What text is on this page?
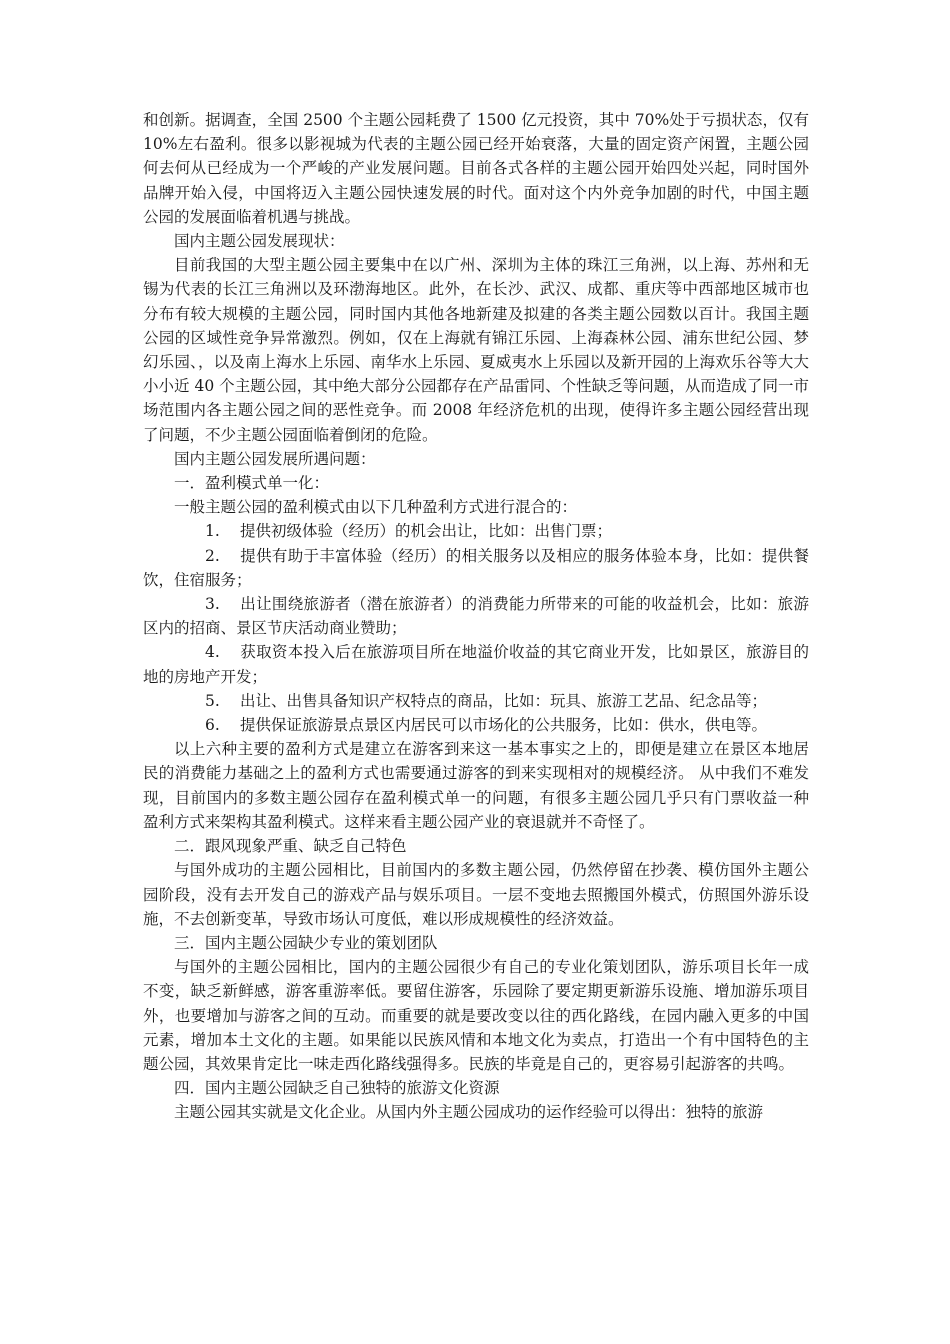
和创新。据调查，全国 2500 个主题公园耗费了 1500 亿元投资，其中 70%处于亏损状态，仅有 10%左右盈利。很多以影视城为代表的主题公园已经开始衰落，大量的固定资产闲置，主题公园何去何从已经成为一个严峻的产业发展问题。目前各式各样的主题公园开始四处兴起，同时国外品牌开始入侵，中国将迈入主题公园快速发展的时代。面对这个内外竞争加剧的时代，中国主题公园的发展面临着机遇与挑战。

国内主题公园发展现状：

目前我国的大型主题公园主要集中在以广州、深圳为主体的珠江三角洲，以上海、苏州和无锡为代表的长江三角洲以及环渤海地区。此外，在长沙、武汉、成都、重庆等中西部地区城市也分布有较大规模的主题公园，同时国内其他各地新建及拟建的各类主题公园数以百计。我国主题公园的区域性竞争异常激烈。例如，仅在上海就有锦江乐园、上海森林公园、浦东世纪公园、梦幻乐园、，以及南上海水上乐园、南华水上乐园、夏威夷水上乐园以及新开园的上海欢乐谷等大大小小近 40 个主题公园，其中绝大部分公园都存在产品雷同、个性缺乏等问题，从而造成了同一市场范围内各主题公园之间的恶性竞争。而 2008 年经济危机的出现，使得许多主题公园经营出现了问题，不少主题公园面临着倒闭的危险。

国内主题公园发展所遇问题：

一．盈利模式单一化：

一般主题公园的盈利模式由以下几种盈利方式进行混合的：

1. 提供初级体验（经历）的机会出让，比如：出售门票；

2. 提供有助于丰富体验（经历）的相关服务以及相应的服务体验本身，比如：提供餐饮，住宿服务；

3. 出让围绕旅游者（潜在旅游者）的消费能力所带来的可能的收益机会，比如：旅游区内的招商、景区节庆活动商业赞助；

4. 获取资本投入后在旅游项目所在地溢价收益的其它商业开发，比如景区，旅游目的地的房地产开发；

5. 出让、出售具备知识产权特点的商品，比如：玩具、旅游工艺品、纪念品等；

6. 提供保证旅游景点景区内居民可以市场化的公共服务，比如：供水，供电等。

以上六种主要的盈利方式是建立在游客到来这一基本事实之上的，即便是建立在景区本地居民的消费能力基础之上的盈利方式也需要通过游客的到来实现相对的规模经济。 从中我们不难发现，目前国内的多数主题公园存在盈利模式单一的问题，有很多主题公园几乎只有门票收益一种盈利方式来架构其盈利模式。这样来看主题公园产业的衰退就并不奇怪了。

二．跟风现象严重、缺乏自己特色

与国外成功的主题公园相比，目前国内的多数主题公园，仍然停留在抄袭、模仿国外主题公园阶段，没有去开发自己的游戏产品与娱乐项目。一层不变地去照搬国外模式，仿照国外游乐设施，不去创新变革，导致市场认可度低，难以形成规模性的经济效益。

三．国内主题公园缺少专业的策划团队

与国外的主题公园相比，国内的主题公园很少有自己的专业化策划团队，游乐项目长年一成不变，缺乏新鲜感，游客重游率低。要留住游客，乐园除了要定期更新游乐设施、增加游乐项目外，也要增加与游客之间的互动。而重要的就是要改变以往的西化路线，在园内融入更多的中国元素，增加本土文化的主题。如果能以民族风情和本地文化为卖点，打造出一个有中国特色的主题公园，其效果肯定比一味走西化路线强得多。民族的毕竟是自己的，更容易引起游客的共鸣。

四．国内主题公园缺乏自己独特的旅游文化资源

主题公园其实就是文化企业。从国内外主题公园成功的运作经验可以得出：独特的旅游
